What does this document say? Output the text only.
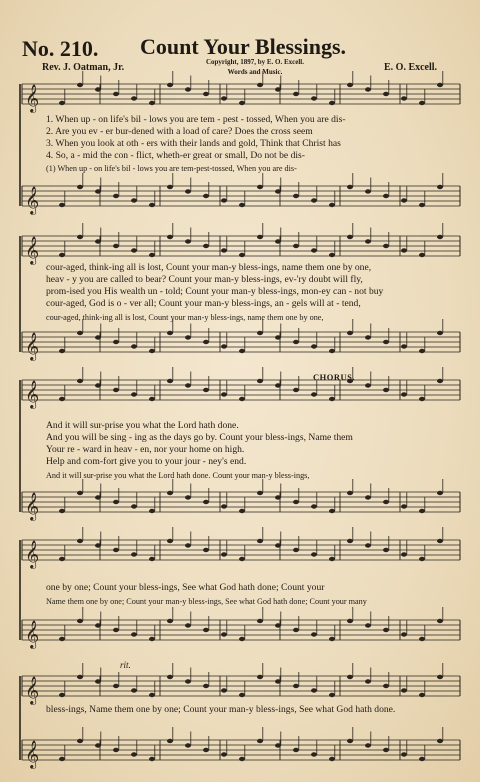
No. 210. Count Your Blessings.
Rev. J. Oatman, Jr.	Copyright, 1897, by E. O. Excell.
Words and Music.	E. O. Excell.
𝄞
𝄞
𝄞
𝄞
𝄞
𝄞
𝄞
𝄞
𝄞
𝄞
1. When up - on life's bil - lows you are tem - pest - tossed, When you are dis-
2. Are you ev - er bur-dened with a load of care? Does the cross seem
3. When you look at oth - ers with their lands and gold, Think that Christ has
4. So, a - mid the con - flict, wheth-er great or small, Do not be dis-
(1) When up - on life's bil - lows you are tem-pest-tossed, When you are dis-
cour-aged, think-ing all is lost, Count your man-y bless-ings, name them one by one,
heav - y you are called to bear? Count your man-y bless-ings, ev-'ry doubt will fly,
prom-ised you His wealth un - told; Count your man-y bless-ings, mon-ey can - not buy
cour-aged, God is o - ver all; Count your man-y bless-ings, an - gels will at - tend,
cour-aged, think-ing all is lost, Count your man-y bless-ings, name them one by one,
CHORUS.
And it will sur-prise you what the Lord hath done.
And you will be sing - ing as the days go by. Count your bless-ings, Name them
Your re - ward in heav - en, nor your home on high.
Help and com-fort give you to your jour - ney's end.
And it will sur-prise you what the Lord hath done. Count your man-y bless-ings,
one by one; Count your bless-ings, See what God hath done; Count your
Name them one by one; Count your man-y bless-ings, See what God hath done; Count your many
rit.
bless-ings, Name them one by one; Count your man-y bless-ings, See what God hath done.
